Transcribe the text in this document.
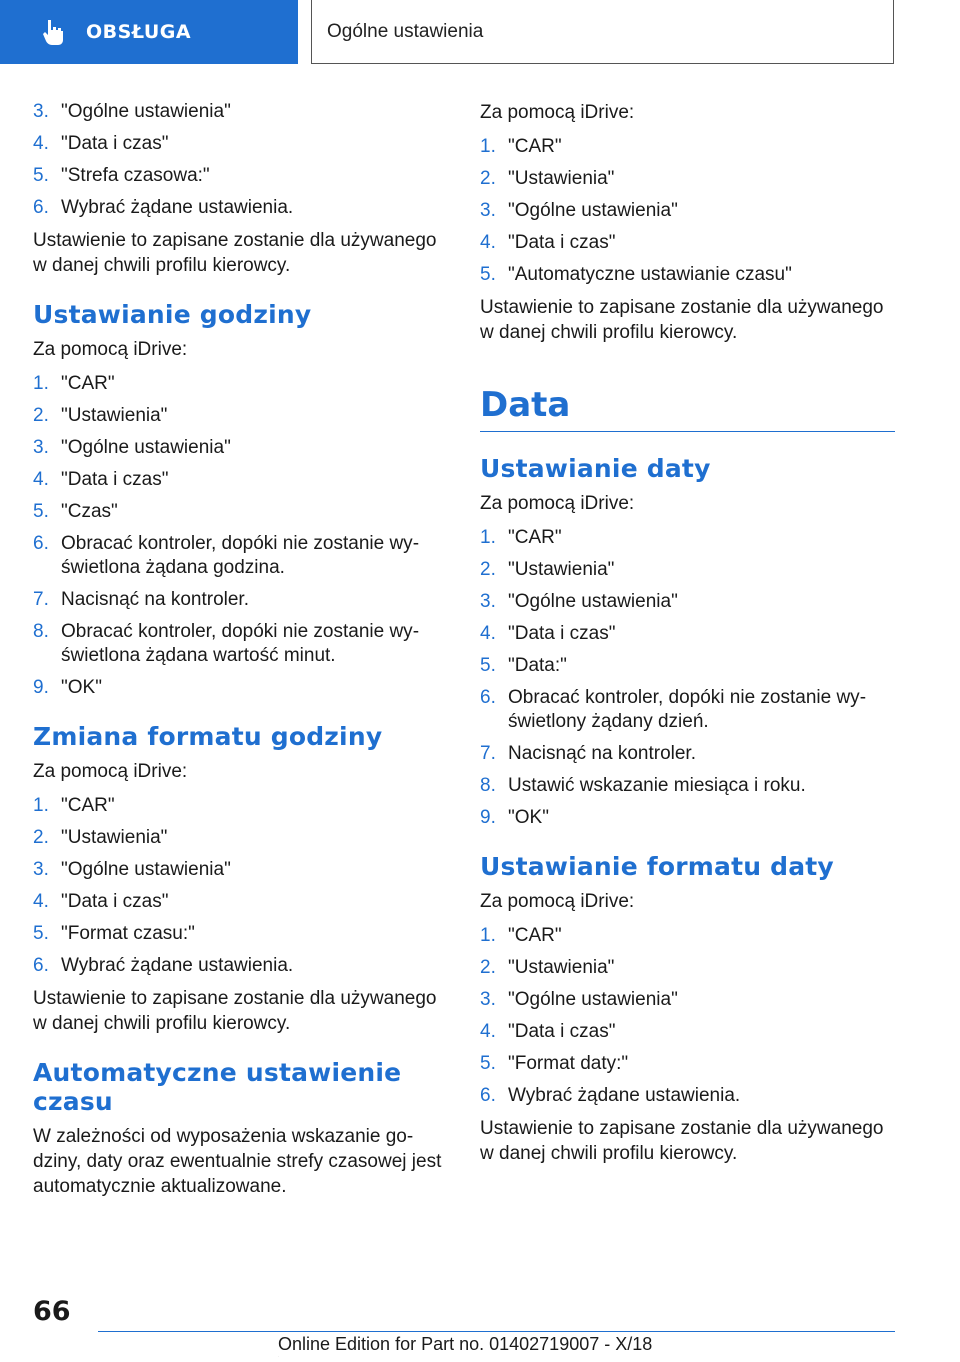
OBSŁUGA	Ogólne ustawienia
3. "Ogólne ustawienia"
4. "Data i czas"
5. "Strefa czasowa:"
6. Wybrać żądane ustawienia.

Ustawienie to zapisane zostanie dla używanego w danej chwili profilu kierowcy.

Ustawianie godziny

Za pomocą iDrive:

1. "CAR"
2. "Ustawienia"
3. "Ogólne ustawienia"
4. "Data i czas"
5. "Czas"
6. Obracać kontroler, dopóki nie zostanie wyświetlona żądana godzina.
7. Nacisnąć na kontroler.
8. Obracać kontroler, dopóki nie zostanie wyświetlona żądana wartość minut.
9. "OK"
Zmiana formatu godziny

Za pomocą iDrive:

1. "CAR"
2. "Ustawienia"
3. "Ogólne ustawienia"
4. "Data i czas"
5. "Format czasu:"
6. Wybrać żądane ustawienia.

Ustawienie to zapisane zostanie dla używanego w danej chwili profilu kierowcy.

Automatyczne ustawienie czasu

W zależności od wyposażenia wskazanie godziny, daty oraz ewentualnie strefy czasowej jest automatycznie aktualizowane.

Za pomocą iDrive:

1. "CAR"
2. "Ustawienia"
3. "Ogólne ustawienia"
4. "Data i czas"
5. "Automatyczne ustawianie czasu"

Ustawienie to zapisane zostanie dla używanego w danej chwili profilu kierowcy.

Data
Ustawianie daty

Za pomocą iDrive:

1. "CAR"
2. "Ustawienia"
3. "Ogólne ustawienia"
4. "Data i czas"
5. "Data:"
6. Obracać kontroler, dopóki nie zostanie wyświetlony żądany dzień.
7. Nacisnąć na kontroler.
8. Ustawić wskazanie miesiąca i roku.
9. "OK"
Ustawianie formatu daty

Za pomocą iDrive:

1. "CAR"
2. "Ustawienia"
3. "Ogólne ustawienia"
4. "Data i czas"
5. "Format daty:"
6. Wybrać żądane ustawienia.

Ustawienie to zapisane zostanie dla używanego w danej chwili profilu kierowcy.

66
Online Edition for Part no. 01402719007 - X/18
